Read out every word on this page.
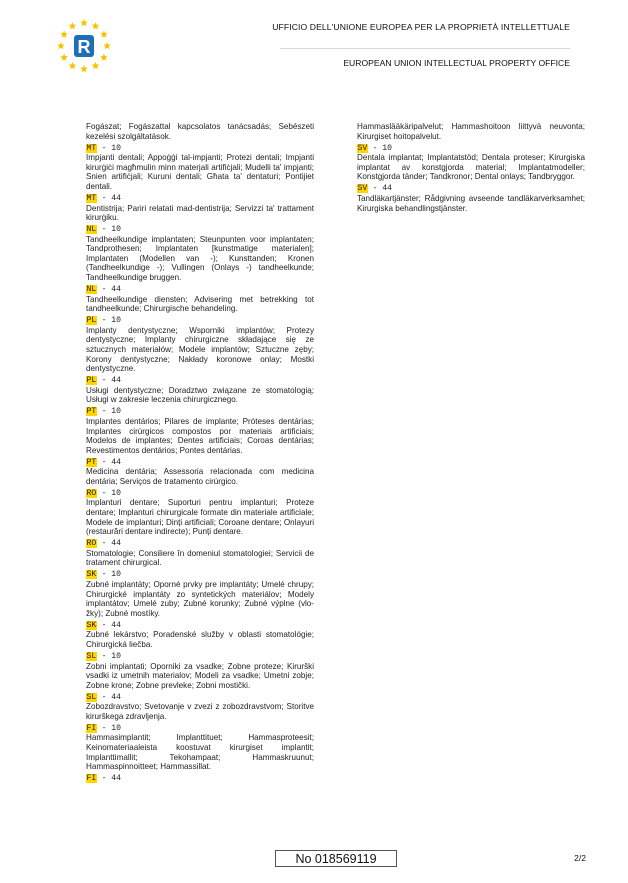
R
UFFICIO DELL'UNIONE EUROPEA PER LA PROPRIETÀ INTELLETTUALE
EUROPEAN UNION INTELLECTUAL PROPERTY OFFICE
Fogászat; Fogászattal kapcsolatos tanácsadás; Sebészeti kezelési szolgáltatások.
MT - 10
Impjanti dentali; Appoġġi tal-impjanti; Protezi dentali; Impjanti kirurġiċi magħmulin minn materjali artifiċjali; Mudelli ta' impjanti; Snien artifiċjali; Kuruni dentali; Għata ta' dentaturi; Pontijiet dentali.
MT - 44
Dentistrija; Pariri relatati mad-dentistrija; Servizzi ta' trattament kirurġiku.
NL - 10
Tandheelkundige implantaten; Steunpunten voor implantaten; Tandprothesen; Implantaten [kunstmatige materialen]; Implantaten (Modellen van -); Kunsttanden; Kronen (Tandheelkundige -); Vullingen (Onlays -) tandheelkunde; Tandheelkundige bruggen.
NL - 44
Tandheelkundige diensten; Advisering met betrekking tot tandheelkunde; Chirurgische behandeling.
PL - 10
Implanty dentystyczne; Wsporniki implantów; Protezy dentystyczne; Implanty chirurgiczne składające się ze sztucznych materiałów; Modele implantów; Sztuczne zęby; Korony dentystyczne; Nakłady koronowe onlay; Mostki dentystyczne.
PL - 44
Usługi dentystyczne; Doradztwo związane ze stomatologią; Usługi w zakresie leczenia chirurgicznego.
PT - 10
Implantes dentários; Pilares de implante; Próteses dentárias; Implantes cirúrgicos compostos por materiais artificiais; Modelos de implantes; Dentes artificiais; Coroas dentárias; Revestimentos dentários; Pontes dentárias.
PT - 44
Medicina dentária; Assessoria relacionada com medicina dentária; Serviços de tratamento cirúrgico.
RO - 10
Implanturi dentare; Suporturi pentru implanturi; Proteze dentare; Implanturi chirurgicale formate din materiale artificiale; Modele de implanturi; Dinți artificiali; Coroane dentare; Onlayuri (restaurări dentare indirecte); Punți dentare.
RO - 44
Stomatologie; Consiliere în domeniul stomatologiei; Servicii de tratament chirurgical.
SK - 10
Zubné implantáty; Oporné prvky pre implantáty; Umelé chrupy; Chirurgické implantáty zo syntetických materiálov; Modely implantátov; Umelé zuby; Zubné korunky; Zubné výplne (vlo-žky); Zubné mostíky.
SK - 44
Zubné lekárstvo; Poradenské služby v oblasti stomatológie; Chirurgická liečba.
SL - 10
Zobni implantati; Oporniki za vsadke; Zobne proteze; Kirurški vsadki iz umetnih materialov; Modeli za vsadke; Umetni zobje; Zobne krone; Zobne prevleke; Zobni mostički.
SL - 44
Zobozdravstvo; Svetovanje v zvezi z zobozdravstvom; Storitve kirurškega zdravljenja.
FI - 10
Hammasimplantit; Implanttituet; Hammasproteesit; Keinomateriaaleista koostuvat kirurgiset implantit; Implanttimallit; Tekohampaat; Hammaskruunut; Hammaspinnoitteet; Hammassillat.
FI - 44
Hammaslääkäripalvelut; Hammashoitoon liittyvä neuvonta; Kirurgiset hoitopalvelut.
SV - 10
Dentala implantat; Implantatstöd; Dentala proteser; Kirurgiska implantat av konstgjorda material; Implantatmodeller; Konstgjorda tänder; Tandkronor; Dental onlays; Tandbryggor.
SV - 44
Tandläkartjänster; Rådgivning avseende tandläkarverksamhet; Kirurgiska behandlingstjänster.
No 018569119	2/2
